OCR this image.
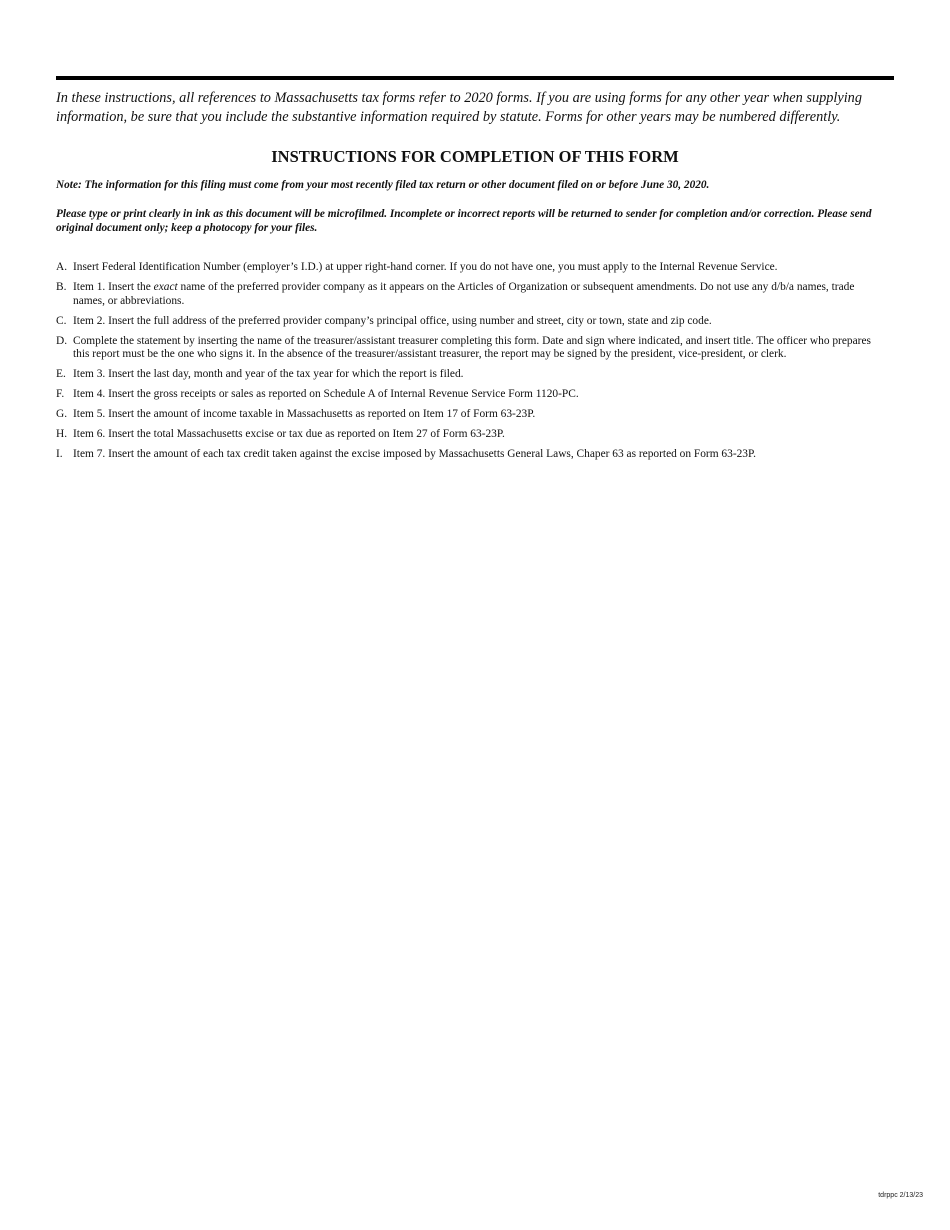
In these instructions, all references to Massachusetts tax forms refer to 2020 forms. If you are using forms for any other year when supplying information, be sure that you include the substantive information required by statute. Forms for other years may be numbered differently.

INSTRUCTIONS FOR COMPLETION OF THIS FORM

Note: The information for this filing must come from your most recently filed tax return or other document filed on or before June 30, 2020.

Please type or print clearly in ink as this document will be microfilmed. Incomplete or incorrect reports will be returned to sender for completion and/or correction. Please send original document only; keep a photocopy for your files.

A. Insert Federal Identification Number (employer’s I.D.) at upper right-hand corner. If you do not have one, you must apply to the Internal Revenue Service.
B. Item 1. Insert the exact name of the preferred provider company as it appears on the Articles of Organization or subsequent amendments. Do not use any d/b/a names, trade names, or abbreviations.
C. Item 2. Insert the full address of the preferred provider company’s principal office, using number and street, city or town, state and zip code.
D. Complete the statement by inserting the name of the treasurer/assistant treasurer completing this form. Date and sign where indicated, and insert title. The officer who prepares this report must be the one who signs it. In the absence of the treasurer/assistant treasurer, the report may be signed by the president, vice-president, or clerk.
E. Item 3. Insert the last day, month and year of the tax year for which the report is filed.
F. Item 4. Insert the gross receipts or sales as reported on Schedule A of Internal Revenue Service Form 1120-PC.
G. Item 5. Insert the amount of income taxable in Massachusetts as reported on Item 17 of Form 63-23P.
H. Item 6. Insert the total Massachusetts excise or tax due as reported on Item 27 of Form 63-23P.
I. Item 7. Insert the amount of each tax credit taken against the excise imposed by Massachusetts General Laws, Chaper 63 as reported on Form 63-23P.
tdrppc 2/13/23
